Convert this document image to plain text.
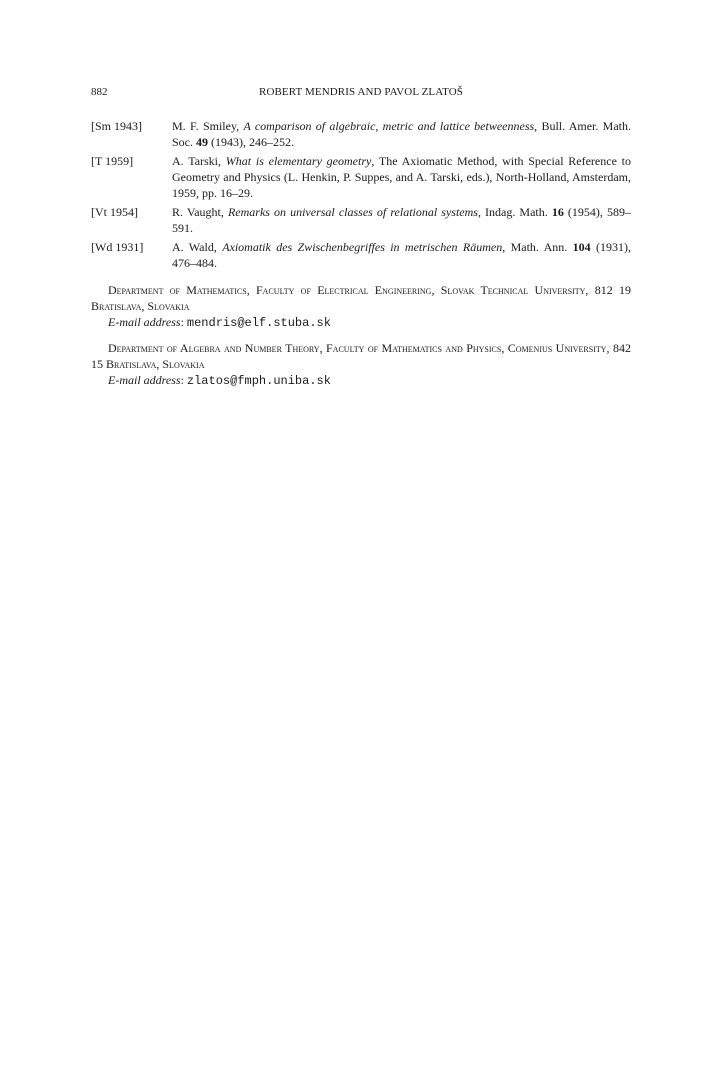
882	ROBERT MENDRIS AND PAVOL ZLATOŠ
[Sm 1943]	M. F. Smiley, A comparison of algebraic, metric and lattice betweenness, Bull. Amer. Math. Soc. 49 (1943), 246–252.
[T 1959]	A. Tarski, What is elementary geometry, The Axiomatic Method, with Special Reference to Geometry and Physics (L. Henkin, P. Suppes, and A. Tarski, eds.), North-Holland, Amsterdam, 1959, pp. 16–29.
[Vt 1954]	R. Vaught, Remarks on universal classes of relational systems, Indag. Math. 16 (1954), 589–591.
[Wd 1931]	A. Wald, Axiomatik des Zwischenbegriffes in metrischen Räumen, Math. Ann. 104 (1931), 476–484.
Department of Mathematics, Faculty of Electrical Engineering, Slovak Technical University, 812 19 Bratislava, Slovakia
E-mail address: mendris@elf.stuba.sk
Department of Algebra and Number Theory, Faculty of Mathematics and Physics, Comenius University, 842 15 Bratislava, Slovakia
E-mail address: zlatos@fmph.uniba.sk
